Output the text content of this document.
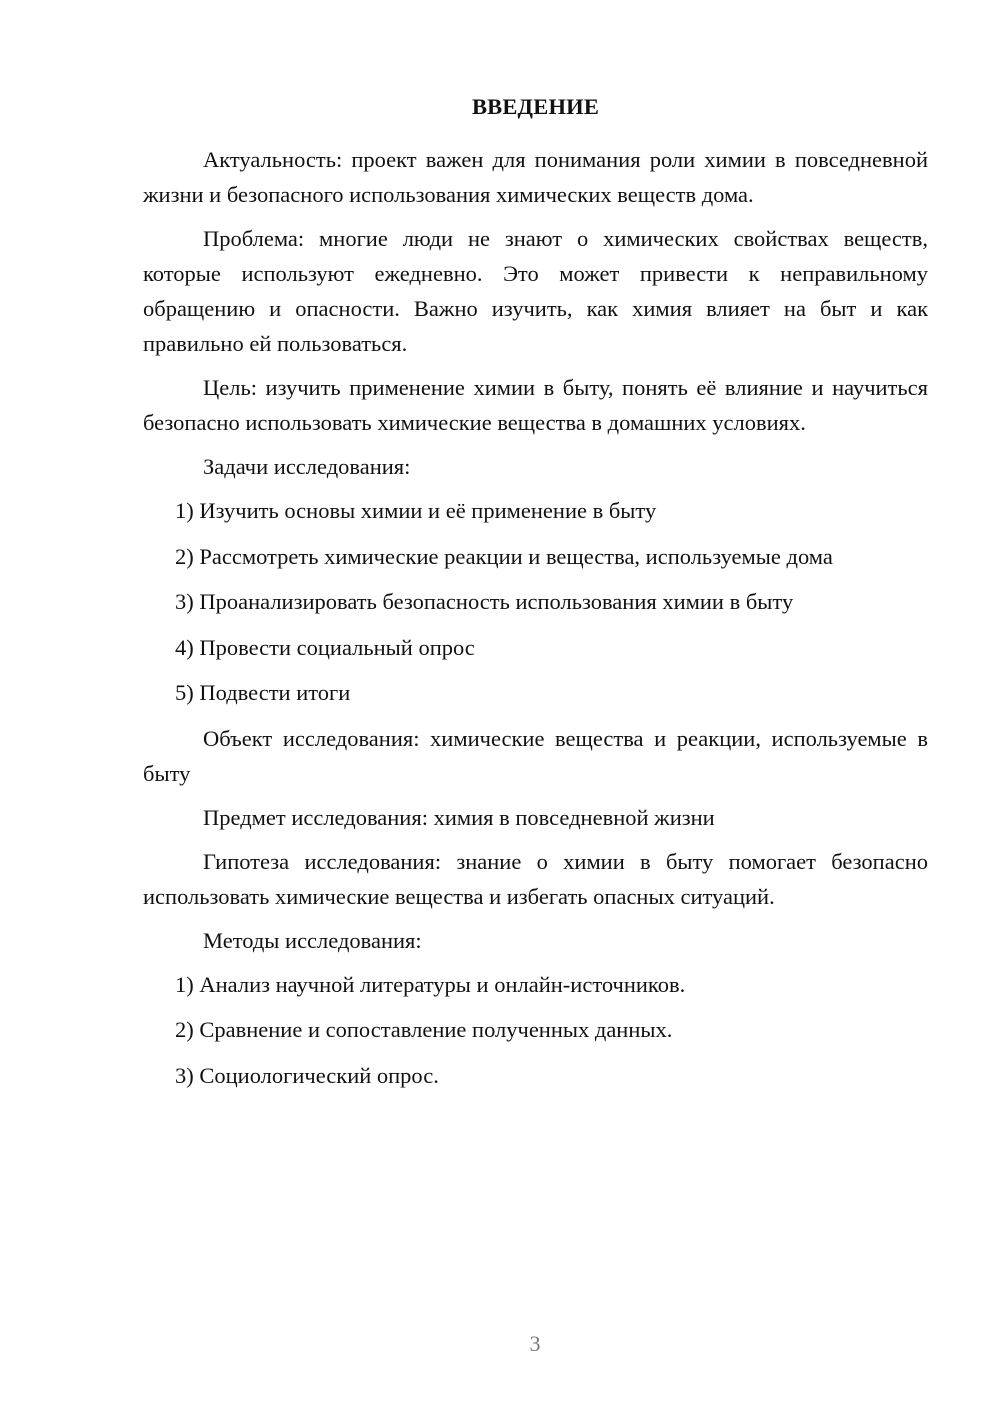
ВВЕДЕНИЕ

Актуальность: проект важен для понимания роли химии в повседневной жизни и безопасного использования химических веществ дома.

Проблема: многие люди не знают о химических свойствах веществ, которые используют ежедневно. Это может привести к неправильному обращению и опасности. Важно изучить, как химия влияет на быт и как правильно ей пользоваться.

Цель: изучить применение химии в быту, понять её влияние и научиться безопасно использовать химические вещества в домашних условиях.

Задачи исследования:

1) Изучить основы химии и её применение в быту
2) Рассмотреть химические реакции и вещества, используемые дома
3) Проанализировать безопасность использования химии в быту
4) Провести социальный опрос
5) Подвести итоги

Объект исследования: химические вещества и реакции, используемые в быту

Предмет исследования: химия в повседневной жизни

Гипотеза исследования: знание о химии в быту помогает безопасно использовать химические вещества и избегать опасных ситуаций.

Методы исследования:

1) Анализ научной литературы и онлайн-источников.
2) Сравнение и сопоставление полученных данных.
3) Социологический опрос.
3
